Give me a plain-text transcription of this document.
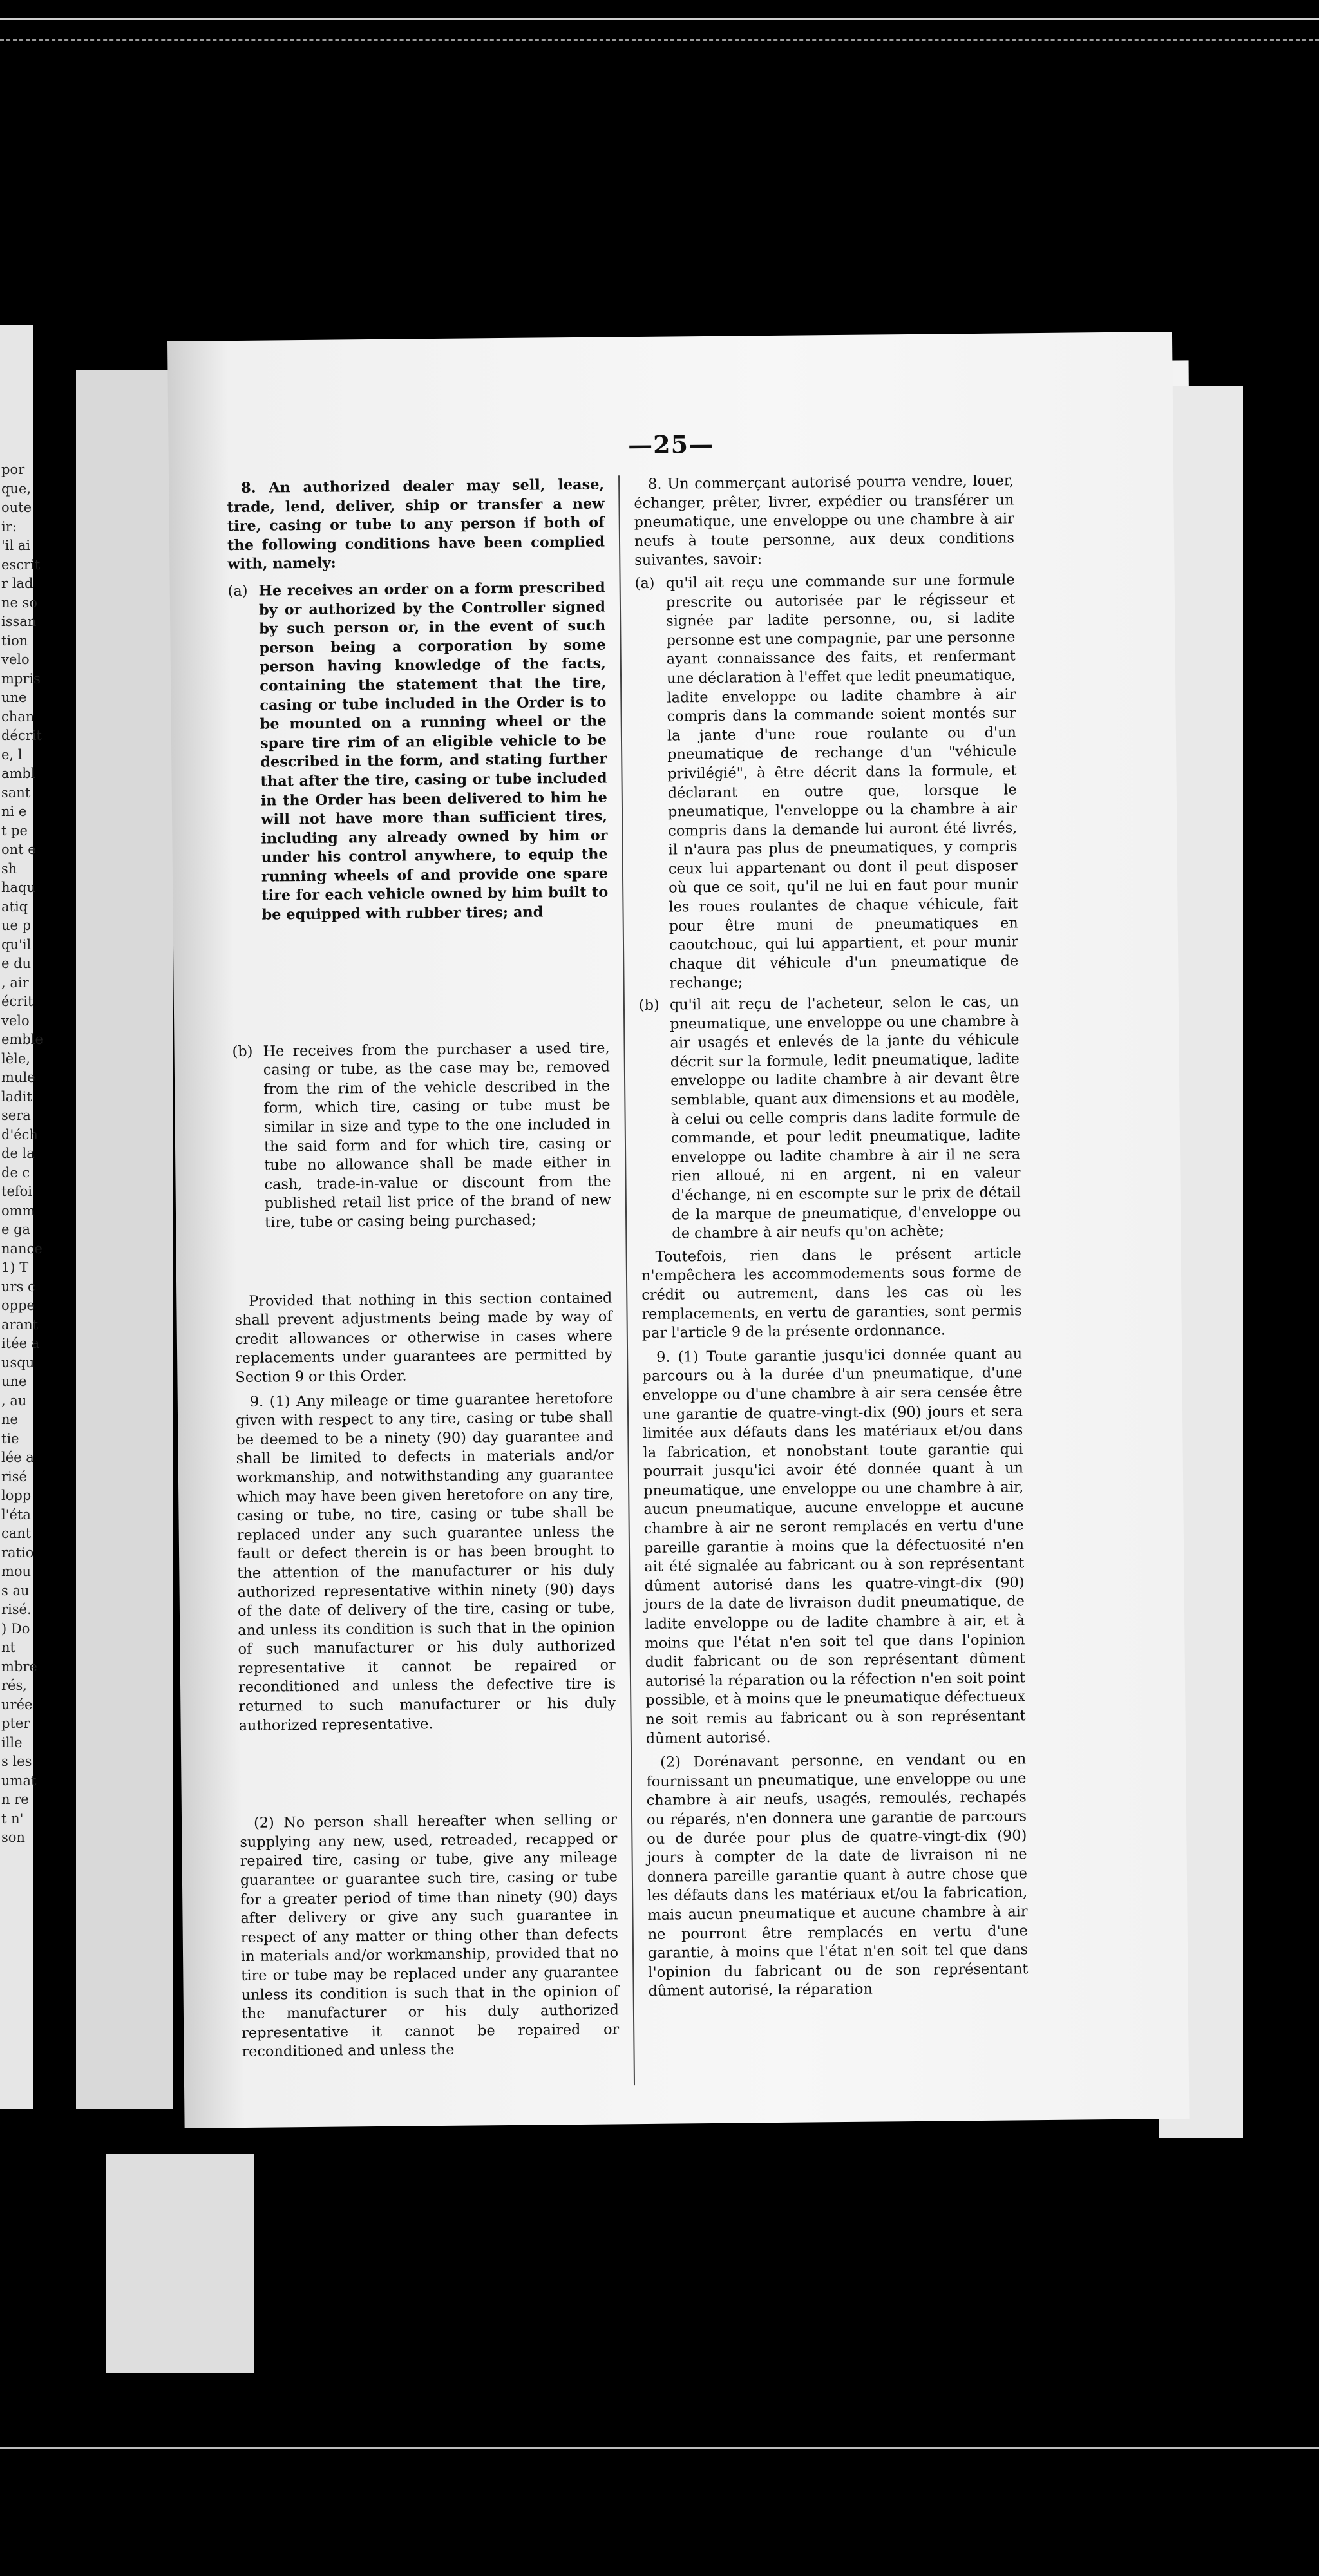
por
que,
oute
ir:
'il ai
escrit
r lad
ne so
issan
tion
velo
mpris
une
chan
décrit
e, l
ambl
sant
ni e
t pe
ont e
sh
haqu
atiq
ue p
qu'il
e du
, air
écrit
velo
emble
lèle,
mule
ladit
sera
d'éch
de la
de c
tefoi
omm
e ga
nance
1) T
urs c
oppe
arant
itée a
usqu
une
, au
ne
tie
lée a
risé
lopp
l'éta
cant
ratio
mou
s au
risé.
) Do
nt
mbre
rés,
urée
pter
ille
s les
umat
n re
t n'
son
—25—

8. An authorized dealer may sell, lease, trade, lend, deliver, ship or transfer a new tire, casing or tube to any person if both of the following conditions have been complied with, namely:

(a) He receives an order on a form prescribed by or authorized by the Controller signed by such person or, in the event of such person being a corporation by some person having knowledge of the facts, containing the statement that the tire, casing or tube included in the Order is to be mounted on a running wheel or the spare tire rim of an eligible vehicle to be described in the form, and stating further that after the tire, casing or tube included in the Order has been delivered to him he will not have more than sufficient tires, including any already owned by him or under his control anywhere, to equip the running wheels of and provide one spare tire for each vehicle owned by him built to be equipped with rubber tires; and
(b) He receives from the purchaser a used tire, casing or tube, as the case may be, removed from the rim of the vehicle described in the form, which tire, casing or tube must be similar in size and type to the one included in the said form and for which tire, casing or tube no allowance shall be made either in cash, trade-in-value or discount from the published retail list price of the brand of new tire, tube or casing being purchased;

Provided that nothing in this section contained shall prevent adjustments being made by way of credit allowances or otherwise in cases where replacements under guarantees are permitted by Section 9 or this Order.

9. (1) Any mileage or time guarantee heretofore given with respect to any tire, casing or tube shall be deemed to be a ninety (90) day guarantee and shall be limited to defects in materials and/or workmanship, and notwithstanding any guarantee which may have been given heretofore on any tire, casing or tube, no tire, casing or tube shall be replaced under any such guarantee unless the fault or defect therein is or has been brought to the attention of the manufacturer or his duly authorized representative within ninety (90) days of the date of delivery of the tire, casing or tube, and unless its condition is such that in the opinion of such manufacturer or his duly authorized representative it cannot be repaired or reconditioned and unless the defective tire is returned to such manufacturer or his duly authorized representative.

(2) No person shall hereafter when selling or supplying any new, used, retreaded, recapped or repaired tire, casing or tube, give any mileage guarantee or guarantee such tire, casing or tube for a greater period of time than ninety (90) days after delivery or give any such guarantee in respect of any matter or thing other than defects in materials and/or workmanship, provided that no tire or tube may be replaced under any guarantee unless its condition is such that in the opinion of the manufacturer or his duly authorized representative it cannot be repaired or reconditioned and unless the

8. Un commerçant autorisé pourra vendre, louer, échanger, prêter, livrer, expédier ou transférer un pneumatique, une enveloppe ou une chambre à air neufs à toute personne, aux deux conditions suivantes, savoir:

(a) qu'il ait reçu une commande sur une formule prescrite ou autorisée par le régisseur et signée par ladite personne, ou, si ladite personne est une compagnie, par une personne ayant connaissance des faits, et renfermant une déclaration à l'effet que ledit pneumatique, ladite enveloppe ou ladite chambre à air compris dans la commande soient montés sur la jante d'une roue roulante ou d'un pneumatique de rechange d'un "véhicule privilégié", à être décrit dans la formule, et déclarant en outre que, lorsque le pneumatique, l'enveloppe ou la chambre à air compris dans la demande lui auront été livrés, il n'aura pas plus de pneumatiques, y compris ceux lui appartenant ou dont il peut disposer où que ce soit, qu'il ne lui en faut pour munir les roues roulantes de chaque véhicule, fait pour être muni de pneumatiques en caoutchouc, qui lui appartient, et pour munir chaque dit véhicule d'un pneumatique de rechange;
(b) qu'il ait reçu de l'acheteur, selon le cas, un pneumatique, une enveloppe ou une chambre à air usagés et enlevés de la jante du véhicule décrit sur la formule, ledit pneumatique, ladite enveloppe ou ladite chambre à air devant être semblable, quant aux dimensions et au modèle, à celui ou celle compris dans ladite formule de commande, et pour ledit pneumatique, ladite enveloppe ou ladite chambre à air il ne sera rien alloué, ni en argent, ni en valeur d'échange, ni en escompte sur le prix de détail de la marque de pneumatique, d'enveloppe ou de chambre à air neufs qu'on achète;

Toutefois, rien dans le présent article n'empêchera les accommodements sous forme de crédit ou autrement, dans les cas où les remplacements, en vertu de garanties, sont permis par l'article 9 de la présente ordonnance.

9. (1) Toute garantie jusqu'ici donnée quant au parcours ou à la durée d'un pneumatique, d'une enveloppe ou d'une chambre à air sera censée être une garantie de quatre-vingt-dix (90) jours et sera limitée aux défauts dans les matériaux et/ou dans la fabrication, et nonobstant toute garantie qui pourrait jusqu'ici avoir été donnée quant à un pneumatique, une enveloppe ou une chambre à air, aucun pneumatique, aucune enveloppe et aucune chambre à air ne seront remplacés en vertu d'une pareille garantie à moins que la défectuosité n'en ait été signalée au fabricant ou à son représentant dûment autorisé dans les quatre-vingt-dix (90) jours de la date de livraison dudit pneumatique, de ladite enveloppe ou de ladite chambre à air, et à moins que l'état n'en soit tel que dans l'opinion dudit fabricant ou de son représentant dûment autorisé la réparation ou la réfection n'en soit point possible, et à moins que le pneumatique défectueux ne soit remis au fabricant ou à son représentant dûment autorisé.

(2) Dorénavant personne, en vendant ou en fournissant un pneumatique, une enveloppe ou une chambre à air neufs, usagés, remoulés, rechapés ou réparés, n'en donnera une garantie de parcours ou de durée pour plus de quatre-vingt-dix (90) jours à compter de la date de livraison ni ne donnera pareille garantie quant à autre chose que les défauts dans les matériaux et/ou la fabrication, mais aucun pneumatique et aucune chambre à air ne pourront être remplacés en vertu d'une garantie, à moins que l'état n'en soit tel que dans l'opinion du fabricant ou de son représentant dûment autorisé, la réparation
